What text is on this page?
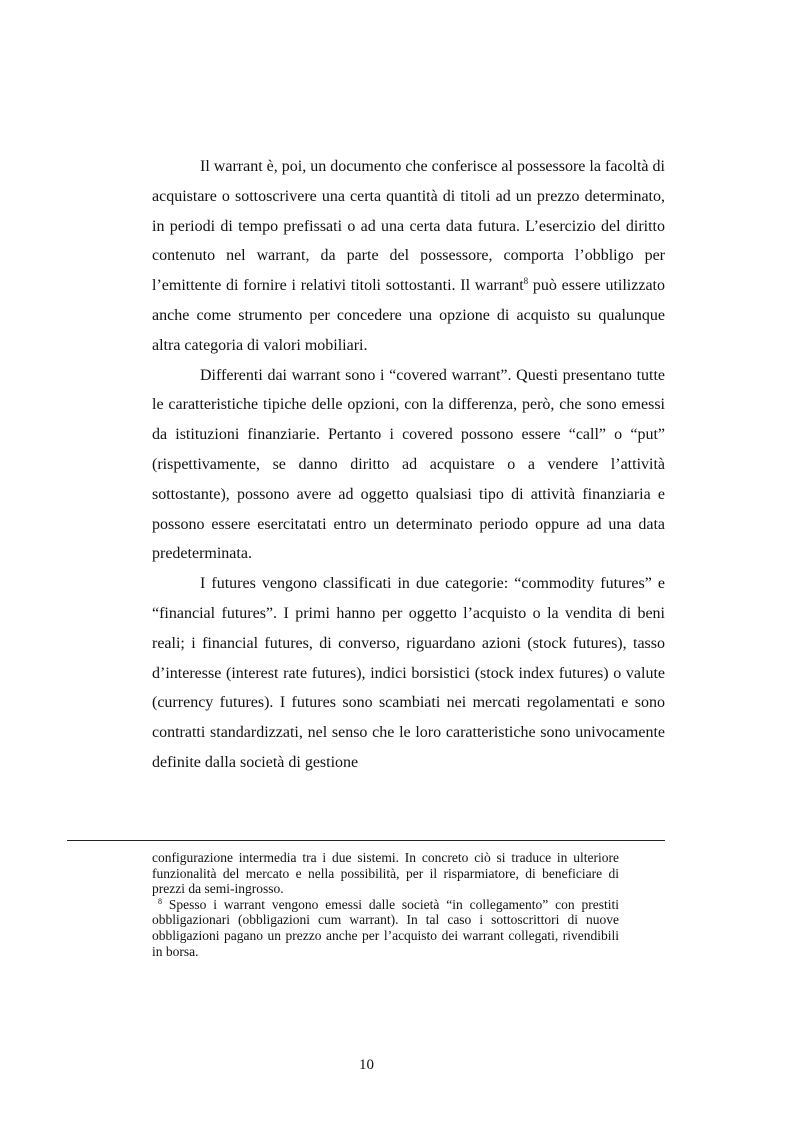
Il warrant è, poi, un documento che conferisce al possessore la facoltà di acquistare o sottoscrivere una certa quantità di titoli ad un prezzo determinato, in periodi di tempo prefissati o ad una certa data futura. L’esercizio del diritto contenuto nel warrant, da parte del possessore, comporta l’obbligo per l’emittente di fornire i relativi titoli sottostanti. Il warrant$^8$ può essere utilizzato anche come strumento per concedere una opzione di acquisto su qualunque altra categoria di valori mobiliari.

Differenti dai warrant sono i “covered warrant”. Questi presentano tutte le caratteristiche tipiche delle opzioni, con la differenza, però, che sono emessi da istituzioni finanziarie. Pertanto i covered possono essere “call” o “put” (rispettivamente, se danno diritto ad acquistare o a vendere l’attività sottostante), possono avere ad oggetto qualsiasi tipo di attività finanziaria e possono essere esercitatati entro un determinato periodo oppure ad una data predeterminata.

I futures vengono classificati in due categorie: “commodity futures” e “financial futures”. I primi hanno per oggetto l’acquisto o la vendita di beni reali; i financial futures, di converso, riguardano azioni (stock futures), tasso d’interesse (interest rate futures), indici borsistici (stock index futures) o valute (currency futures). I futures sono scambiati nei mercati regolamentati e sono contratti standardizzati, nel senso che le loro caratteristiche sono univocamente definite dalla società di gestione

configurazione intermedia tra i due sistemi. In concreto ciò si traduce in ulteriore funzionalità del mercato e nella possibilità, per il risparmiatore, di beneficiare di prezzi da semi-ingrosso.

$^8$ Spesso i warrant vengono emessi dalle società “in collegamento” con prestiti obbligazionari (obbligazioni cum warrant). In tal caso i sottoscrittori di nuove obbligazioni pagano un prezzo anche per l’acquisto dei warrant collegati, rivendibili in borsa.

10
